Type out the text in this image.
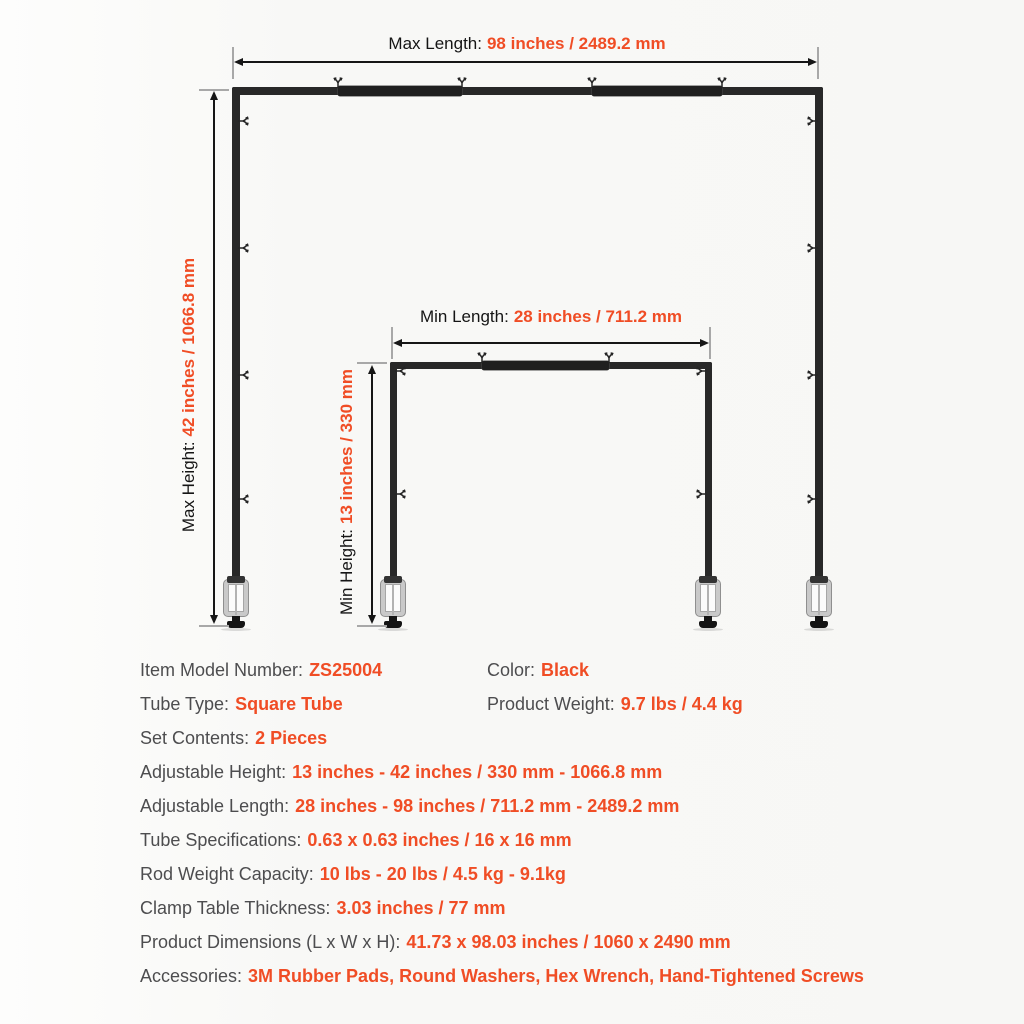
Max Length: 98 inches / 2489.2 mm
Max Height:42 inches / 1066.8 mm	Min Length: 28 inches / 711.2 mm
Min Height:13 inches / 330 mm
Item Model Number: ZS25004	Color: Black
Tube Type: Square Tube	Product Weight: 9.7 lbs / 4.4 kg
Set Contents: 2 Pieces
Adjustable Height: 13 inches - 42 inches / 330 mm - 1066.8 mm
Adjustable Length: 28 inches - 98 inches / 711.2 mm - 2489.2 mm
Tube Specifications: 0.63 x 0.63 inches / 16 x 16 mm
Rod Weight Capacity: 10 lbs - 20 lbs / 4.5 kg - 9.1kg
Clamp Table Thickness: 3.03 inches / 77 mm
Product Dimensions (L x W x H): 41.73 x 98.03 inches / 1060 x 2490 mm
Accessories: 3M Rubber Pads, Round Washers, Hex Wrench, Hand-Tightened Screws
